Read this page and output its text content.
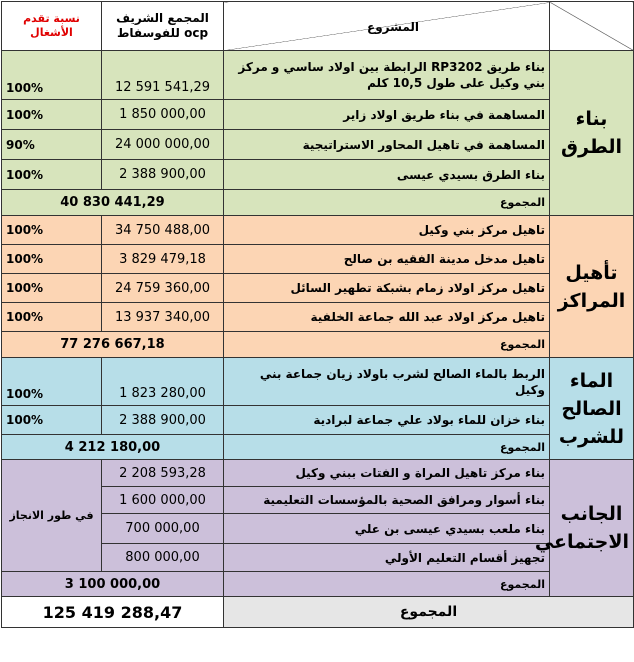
نسبة تقدم الأشغال	المجمع الشريف للفوسفاط ocp	المشروع	

100%	12 591 541,29	بناء طريق RP3202 الرابطة بين اولاد ساسي و مركز بني وكيل على طول 10,5 كلم	بناء الطرق
100%	1 850 000,00	المساهمة في بناء طريق اولاد زاير	
90%	24 000 000,00	المساهمة في تاهيل المحاور الاستراتيجية	
100%	2 388 900,00	بناء الطرق بسيدي عيسى	
40 830 441,29		المجموع	
100%	34 750 488,00	تاهيل مركز بني وكيل	تأهيل المراكز
100%	3 829 479,18	تاهيل مدخل مدينة الفقيه بن صالح	
100%	24 759 360,00	تاهيل مركز اولاد زمام بشبكة تطهير السائل	
100%	13 937 340,00	تاهيل مركز اولاد عبد الله جماعة الخلفية	
77 276 667,18		المجموع	
100%	1 823 280,00	الربط بالماء الصالح لشرب باولاد زيان جماعة بني وكيل	الماء الصالح للشرب
100%	2 388 900,00	بناء خزان للماء بولاد علي جماعة لبرادية	
4 212 180,00		المجموع	
في طور الانجاز	2 208 593,28	بناء مركز تاهيل المراة و الفتات ببني وكيل	الجانب الاجتماعي
	1 600 000,00	بناء أسوار ومرافق الصحية بالمؤسسات التعليمية	
	700 000,00	بناء ملعب بسيدي عيسى بن علي	
	800 000,00	تجهيز أقسام التعليم الأولي	
3 100 000,00		المجموع	
125 419 288,47		المجموع	
